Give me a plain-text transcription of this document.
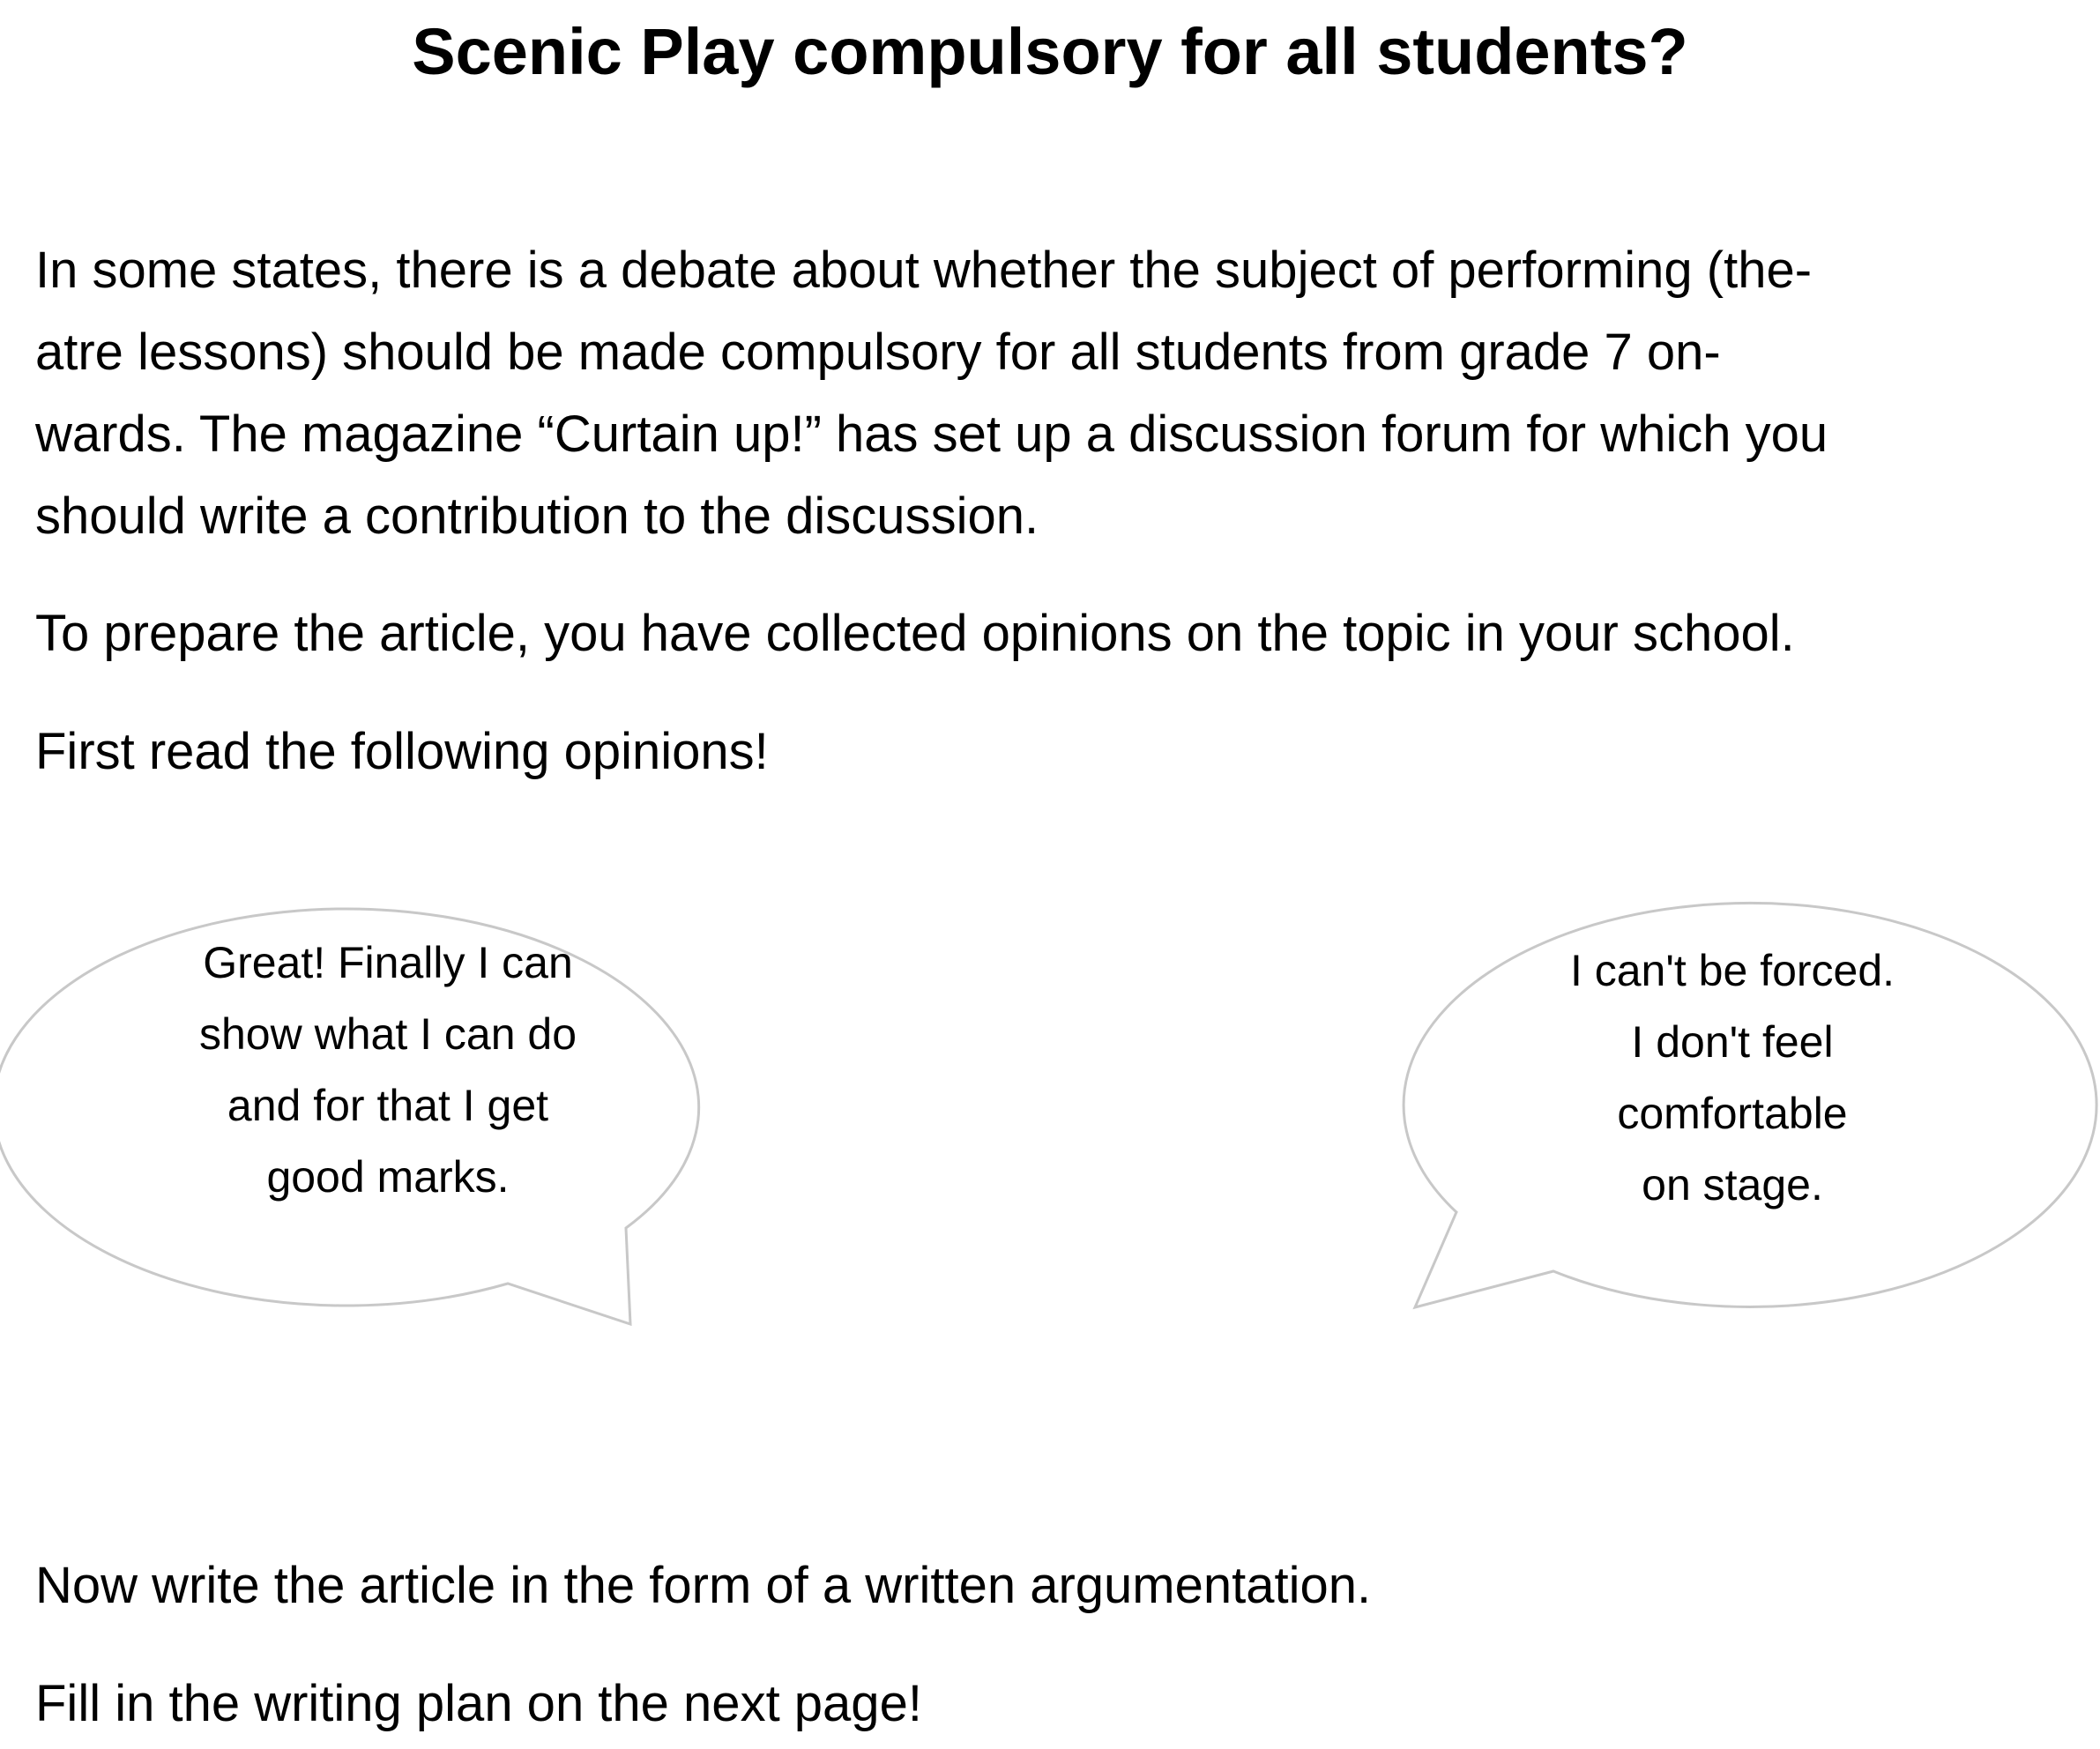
Scenic Play compulsory for all students?

In some states, there is a debate about whether the subject of performing (the-
atre lessons) should be made compulsory for all students from grade 7 on-
wards. The magazine “Curtain up!” has set up a discussion forum for which you
should write a contribution to the discussion.

To prepare the article, you have collected opinions on the topic in your school.

First read the following opinions!

Great! Finally I can
show what I can do
and for that I get
good marks.
I can't be forced.
I don't feel
comfortable
on stage.

Now write the article in the form of a written argumentation.

Fill in the writing plan on the next page!
